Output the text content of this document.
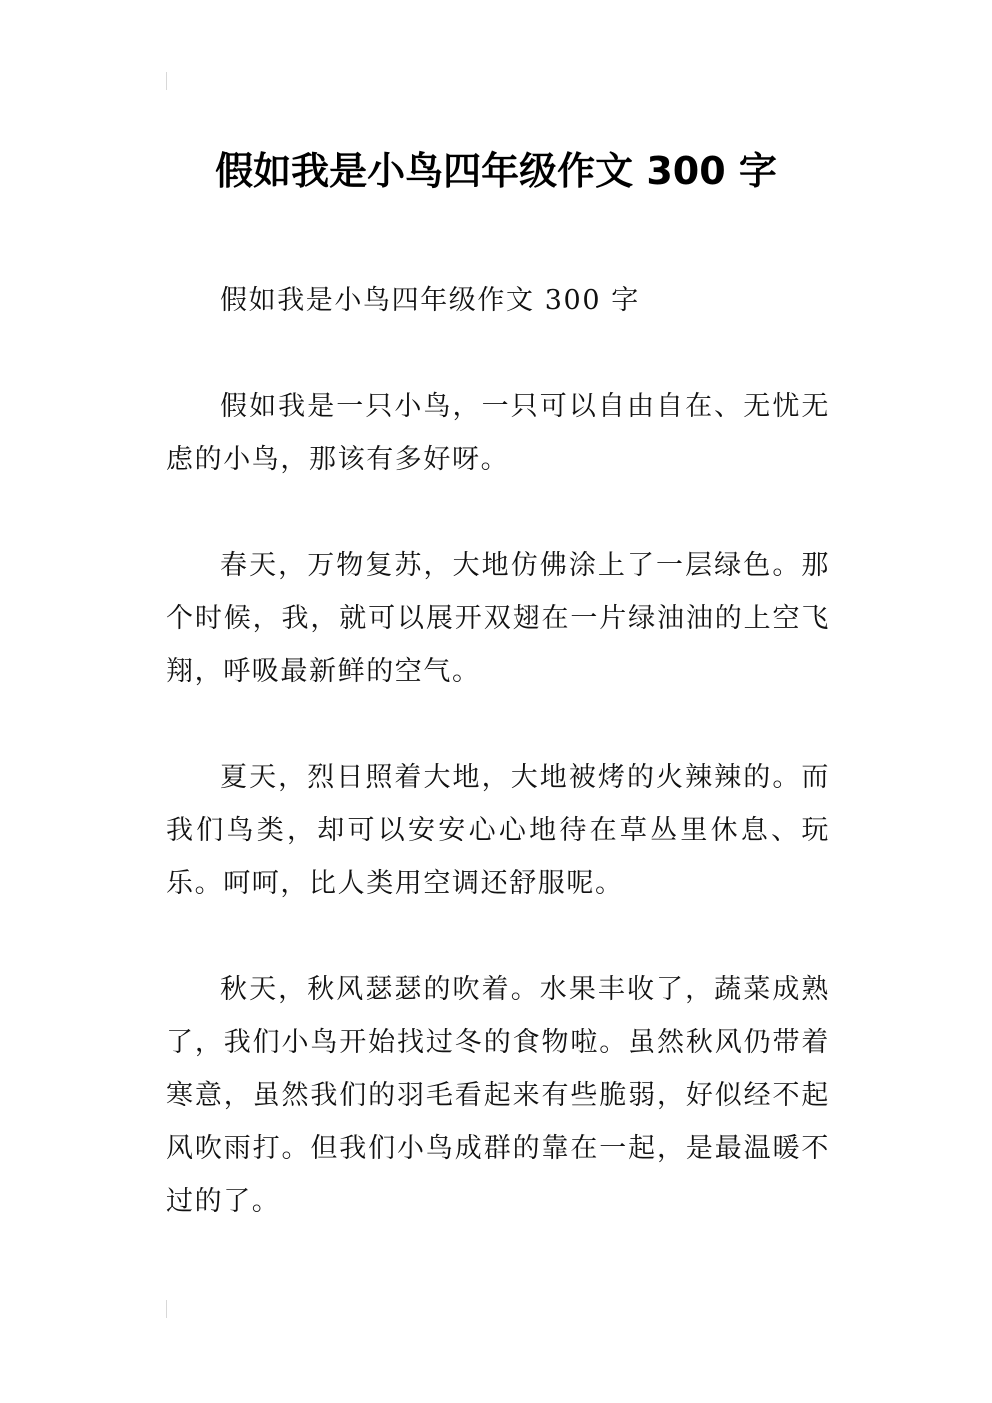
假如我是小鸟四年级作文 300 字

假如我是小鸟四年级作文 300 字

假如我是一只小鸟，一只可以自由自在、无忧无虑的小鸟，那该有多好呀。

春天，万物复苏，大地仿佛涂上了一层绿色。那个时候，我，就可以展开双翅在一片绿油油的上空飞翔，呼吸最新鲜的空气。

夏天，烈日照着大地，大地被烤的火辣辣的。而我们鸟类，却可以安安心心地待在草丛里休息、玩乐。呵呵，比人类用空调还舒服呢。

秋天，秋风瑟瑟的吹着。水果丰收了，蔬菜成熟了，我们小鸟开始找过冬的食物啦。虽然秋风仍带着寒意，虽然我们的羽毛看起来有些脆弱，好似经不起风吹雨打。但我们小鸟成群的靠在一起，是最温暖不过的了。
